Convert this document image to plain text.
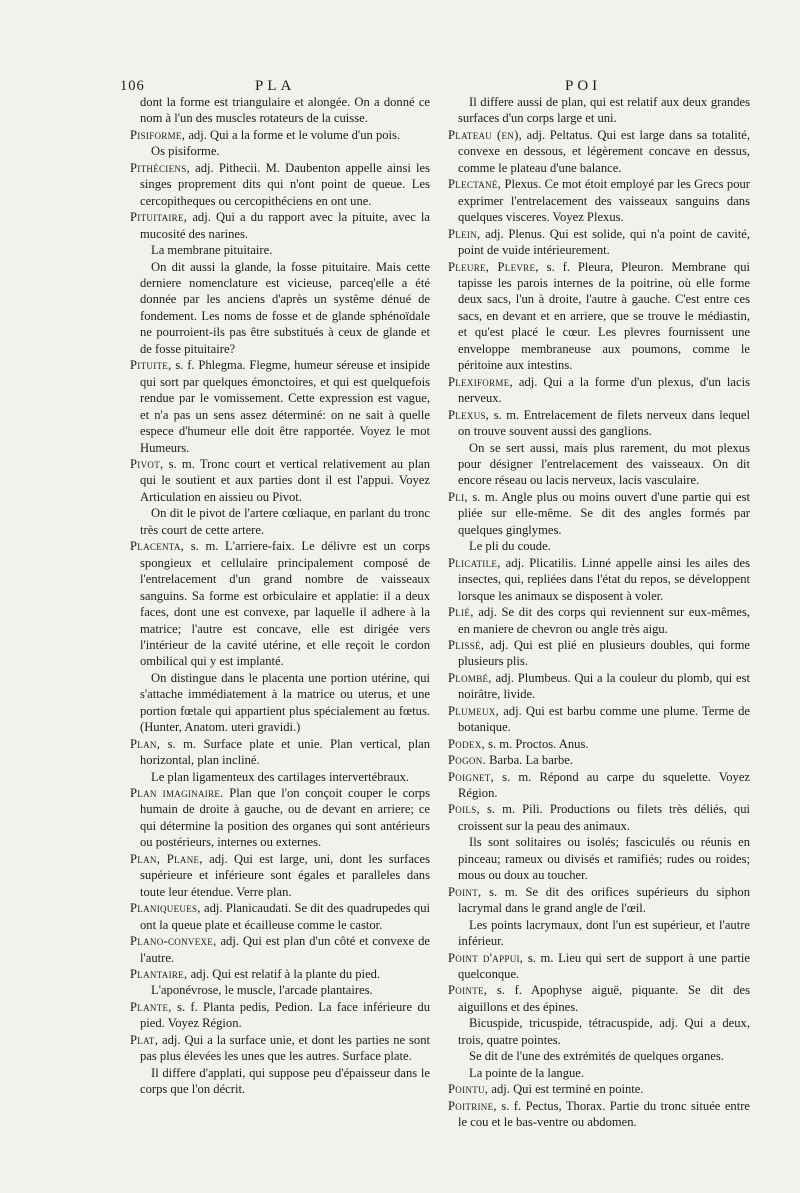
106	PLA	POI

dont la forme est triangulaire et alongée. On a donné ce nom à l'un des muscles rotateurs de la cuisse.

Pisiforme, adj. Qui a la forme et le volume d'un pois.

Os pisiforme.

Pithéciens, adj. Pithecii. M. Daubenton appelle ainsi les singes proprement dits qui n'ont point de queue. Les cercopitheques ou cercopithéciens en ont une.

Pituitaire, adj. Qui a du rapport avec la pituite, avec la mucosité des narines.

La membrane pituitaire.

On dit aussi la glande, la fosse pituitaire. Mais cette derniere nomenclature est vicieuse, parceq'elle a été donnée par les anciens d'après un systême dénué de fondement. Les noms de fosse et de glande sphénoïdale ne pourroient-ils pas être substitués à ceux de glande et de fosse pituitaire?

Pituite, s. f. Phlegma. Flegme, humeur séreuse et insipide qui sort par quelques émonctoires, et qui est quelquefois rendue par le vomissement. Cette expression est vague, et n'a pas un sens assez déterminé: on ne sait à quelle espece d'humeur elle doit être rapportée. Voyez le mot Humeurs.

Pivot, s. m. Tronc court et vertical relativement au plan qui le soutient et aux parties dont il est l'appui. Voyez Articulation en aissieu ou Pivot.

On dit le pivot de l'artere cœliaque, en parlant du tronc très court de cette artere.

Placenta, s. m. L'arriere-faix. Le délivre est un corps spongieux et cellulaire principalement composé de l'entrelacement d'un grand nombre de vaisseaux sanguins. Sa forme est orbiculaire et applatie: il a deux faces, dont une est convexe, par laquelle il adhere à la matrice; l'autre est concave, elle est dirigée vers l'intérieur de la cavité utérine, et elle reçoit le cordon ombilical qui y est implanté.

On distingue dans le placenta une portion utérine, qui s'attache immédiatement à la matrice ou uterus, et une portion fœtale qui appartient plus spécialement au fœtus. (Hunter, Anatom. uteri gravidi.)

Plan, s. m. Surface plate et unie. Plan vertical, plan horizontal, plan incliné.

Le plan ligamenteux des cartilages intervertébraux.

Plan imaginaire. Plan que l'on conçoit couper le corps humain de droite à gauche, ou de devant en arriere; ce qui détermine la position des organes qui sont antérieurs ou postérieurs, internes ou externes.

Plan, Plane, adj. Qui est large, uni, dont les surfaces supérieure et inférieure sont égales et paralleles dans toute leur étendue. Verre plan.

Planiqueues, adj. Planicaudati. Se dit des quadrupedes qui ont la queue plate et écailleuse comme le castor.

Plano-convexe, adj. Qui est plan d'un côté et convexe de l'autre.

Plantaire, adj. Qui est relatif à la plante du pied.

L'aponévrose, le muscle, l'arcade plantaires.

Plante, s. f. Planta pedis, Pedion. La face inférieure du pied. Voyez Région.

Plat, adj. Qui a la surface unie, et dont les parties ne sont pas plus élevées les unes que les autres. Surface plate.

Il differe d'applati, qui suppose peu d'épaisseur dans le corps que l'on décrit.

Il differe aussi de plan, qui est relatif aux deux grandes surfaces d'un corps large et uni.

Plateau (en), adj. Peltatus. Qui est large dans sa totalité, convexe en dessous, et légèrement concave en dessus, comme le plateau d'une balance.

Plectané, Plexus. Ce mot étoit employé par les Grecs pour exprimer l'entrelacement des vaisseaux sanguins dans quelques visceres. Voyez Plexus.

Plein, adj. Plenus. Qui est solide, qui n'a point de cavité, point de vuide intérieurement.

Pleure, Plevre, s. f. Pleura, Pleuron. Membrane qui tapisse les parois internes de la poitrine, où elle forme deux sacs, l'un à droite, l'autre à gauche. C'est entre ces sacs, en devant et en arriere, que se trouve le médiastin, et qu'est placé le cœur. Les plevres fournissent une enveloppe membraneuse aux poumons, comme le péritoine aux intestins.

Plexiforme, adj. Qui a la forme d'un plexus, d'un lacis nerveux.

Plexus, s. m. Entrelacement de filets nerveux dans lequel on trouve souvent aussi des ganglions.

On se sert aussi, mais plus rarement, du mot plexus pour désigner l'entrelacement des vaisseaux. On dit encore réseau ou lacis nerveux, lacis vasculaire.

Pli, s. m. Angle plus ou moins ouvert d'une partie qui est pliée sur elle-même. Se dit des angles formés par quelques ginglymes.

Le pli du coude.

Plicatile, adj. Plicatilis. Linné appelle ainsi les ailes des insectes, qui, repliées dans l'état du repos, se développent lorsque les animaux se disposent à voler.

Plié, adj. Se dit des corps qui reviennent sur eux-mêmes, en maniere de chevron ou angle très aigu.

Plissé, adj. Qui est plié en plusieurs doubles, qui forme plusieurs plis.

Plombé, adj. Plumbeus. Qui a la couleur du plomb, qui est noirâtre, livide.

Plumeux, adj. Qui est barbu comme une plume. Terme de botanique.

Podex, s. m. Proctos. Anus.

Pogon. Barba. La barbe.

Poignet, s. m. Répond au carpe du squelette. Voyez Région.

Poils, s. m. Pili. Productions ou filets très déliés, qui croissent sur la peau des animaux.

Ils sont solitaires ou isolés; fasciculés ou réunis en pinceau; rameux ou divisés et ramifiés; rudes ou roides; mous ou doux au toucher.

Point, s. m. Se dit des orifices supérieurs du siphon lacrymal dans le grand angle de l'œil.

Les points lacrymaux, dont l'un est supérieur, et l'autre inférieur.

Point d'appui, s. m. Lieu qui sert de support à une partie quelconque.

Pointe, s. f. Apophyse aiguë, piquante. Se dit des aiguillons et des épines.

Bicuspide, tricuspide, tétracuspide, adj. Qui a deux, trois, quatre pointes.

Se dit de l'une des extrémités de quelques organes.

La pointe de la langue.

Pointu, adj. Qui est terminé en pointe.

Poitrine, s. f. Pectus, Thorax. Partie du tronc située entre le cou et le bas-ventre ou abdomen.
